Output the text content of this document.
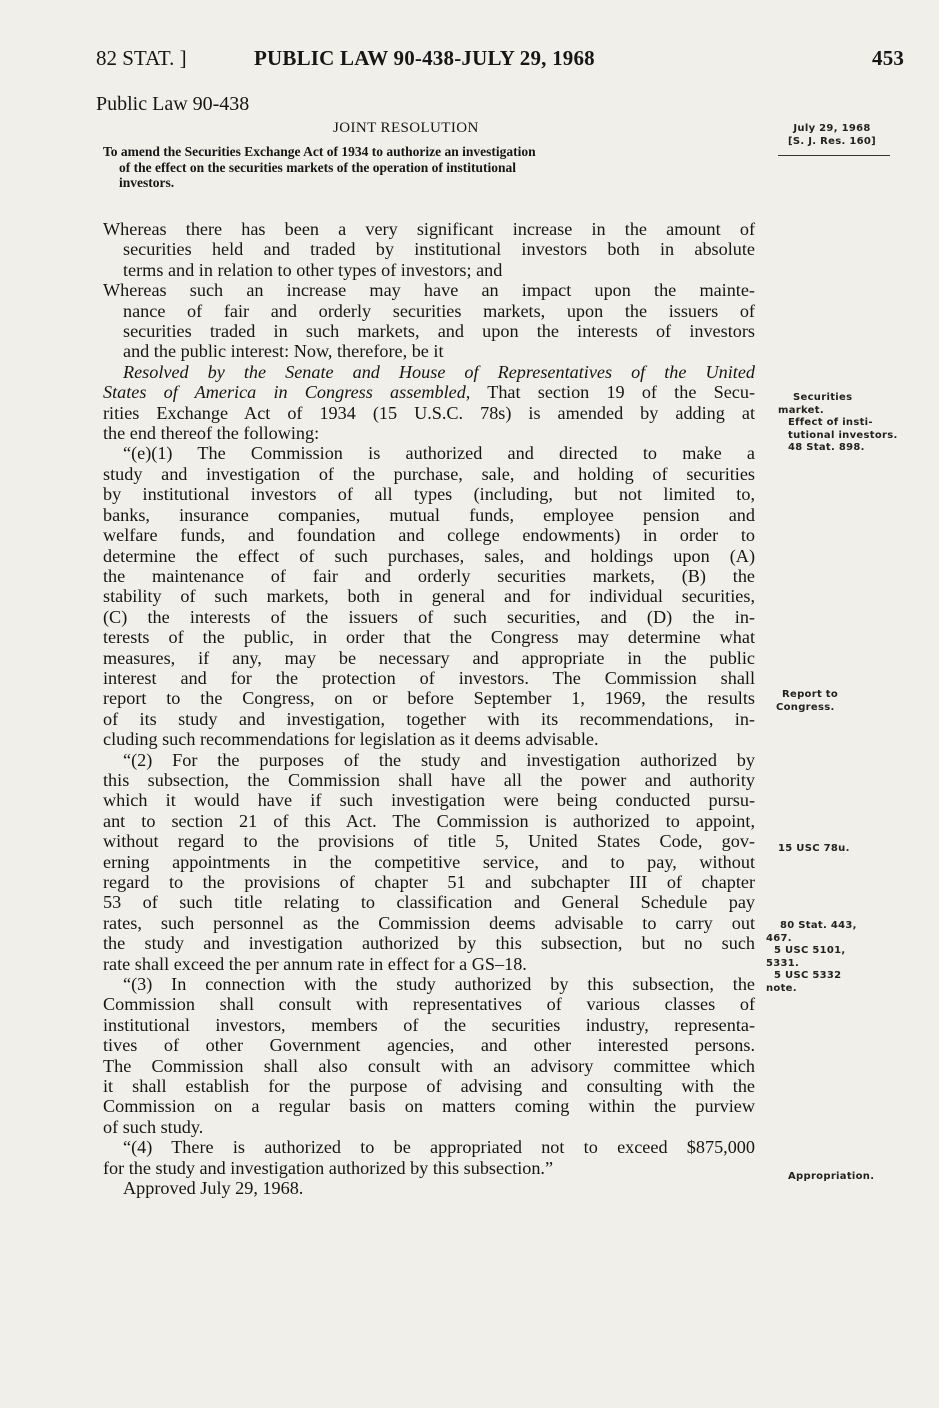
82 STAT. ]	PUBLIC LAW 90-438-JULY 29, 1968	453
Public Law 90-438
JOINT RESOLUTION	July 29, 1968
[S. J. Res. 160]
To amend the Securities Exchange Act of 1934 to authorize an investigation
of the effect on the securities markets of the operation of institutional
investors.
Whereas there has been a very significant increase in the amount of
securities held and traded by institutional investors both in absolute
terms and in relation to other types of investors; and
Whereas such an increase may have an impact upon the mainte-
nance of fair and orderly securities markets, upon the issuers of
securities traded in such markets, and upon the interests of investors
and the public interest: Now, therefore, be it
Resolved by the Senate and House of Representatives of the United
States of America in Congress assembled, That section 19 of the Secu-
rities Exchange Act of 1934 (15 U.S.C. 78s) is amended by adding at
the end thereof the following:
“(e)(1) The Commission is authorized and directed to make a
study and investigation of the purchase, sale, and holding of securities
by institutional investors of all types (including, but not limited to,
banks, insurance companies, mutual funds, employee pension and
welfare funds, and foundation and college endowments) in order to
determine the effect of such purchases, sales, and holdings upon (A)
the maintenance of fair and orderly securities markets, (B) the
stability of such markets, both in general and for individual securities,
(C) the interests of the issuers of such securities, and (D) the in-
terests of the public, in order that the Congress may determine what
measures, if any, may be necessary and appropriate in the public
interest and for the protection of investors. The Commission shall
report to the Congress, on or before September 1, 1969, the results
of its study and investigation, together with its recommendations, in-
cluding such recommendations for legislation as it deems advisable.
“(2) For the purposes of the study and investigation authorized by
this subsection, the Commission shall have all the power and authority
which it would have if such investigation were being conducted pursu-
ant to section 21 of this Act. The Commission is authorized to appoint,
without regard to the provisions of title 5, United States Code, gov-
erning appointments in the competitive service, and to pay, without
regard to the provisions of chapter 51 and subchapter III of chapter
53 of such title relating to classification and General Schedule pay
rates, such personnel as the Commission deems advisable to carry out
the study and investigation authorized by this subsection, but no such
rate shall exceed the per annum rate in effect for a GS–18.
“(3) In connection with the study authorized by this subsection, the
Commission shall consult with representatives of various classes of
institutional investors, members of the securities industry, representa-
tives of other Government agencies, and other interested persons.
The Commission shall also consult with an advisory committee which
it shall establish for the purpose of advising and consulting with the
Commission on a regular basis on matters coming within the purview
of such study.
“(4) There is authorized to be appropriated not to exceed $875,000
for the study and investigation authorized by this subsection.”
Approved July 29, 1968.
Securities
market.
Effect of insti-
tutional investors.
48 Stat. 898.
Report to
Congress.
15 USC 78u.
80 Stat. 443,
467.
5 USC 5101,
5331.
5 USC 5332
note.
Appropriation.
